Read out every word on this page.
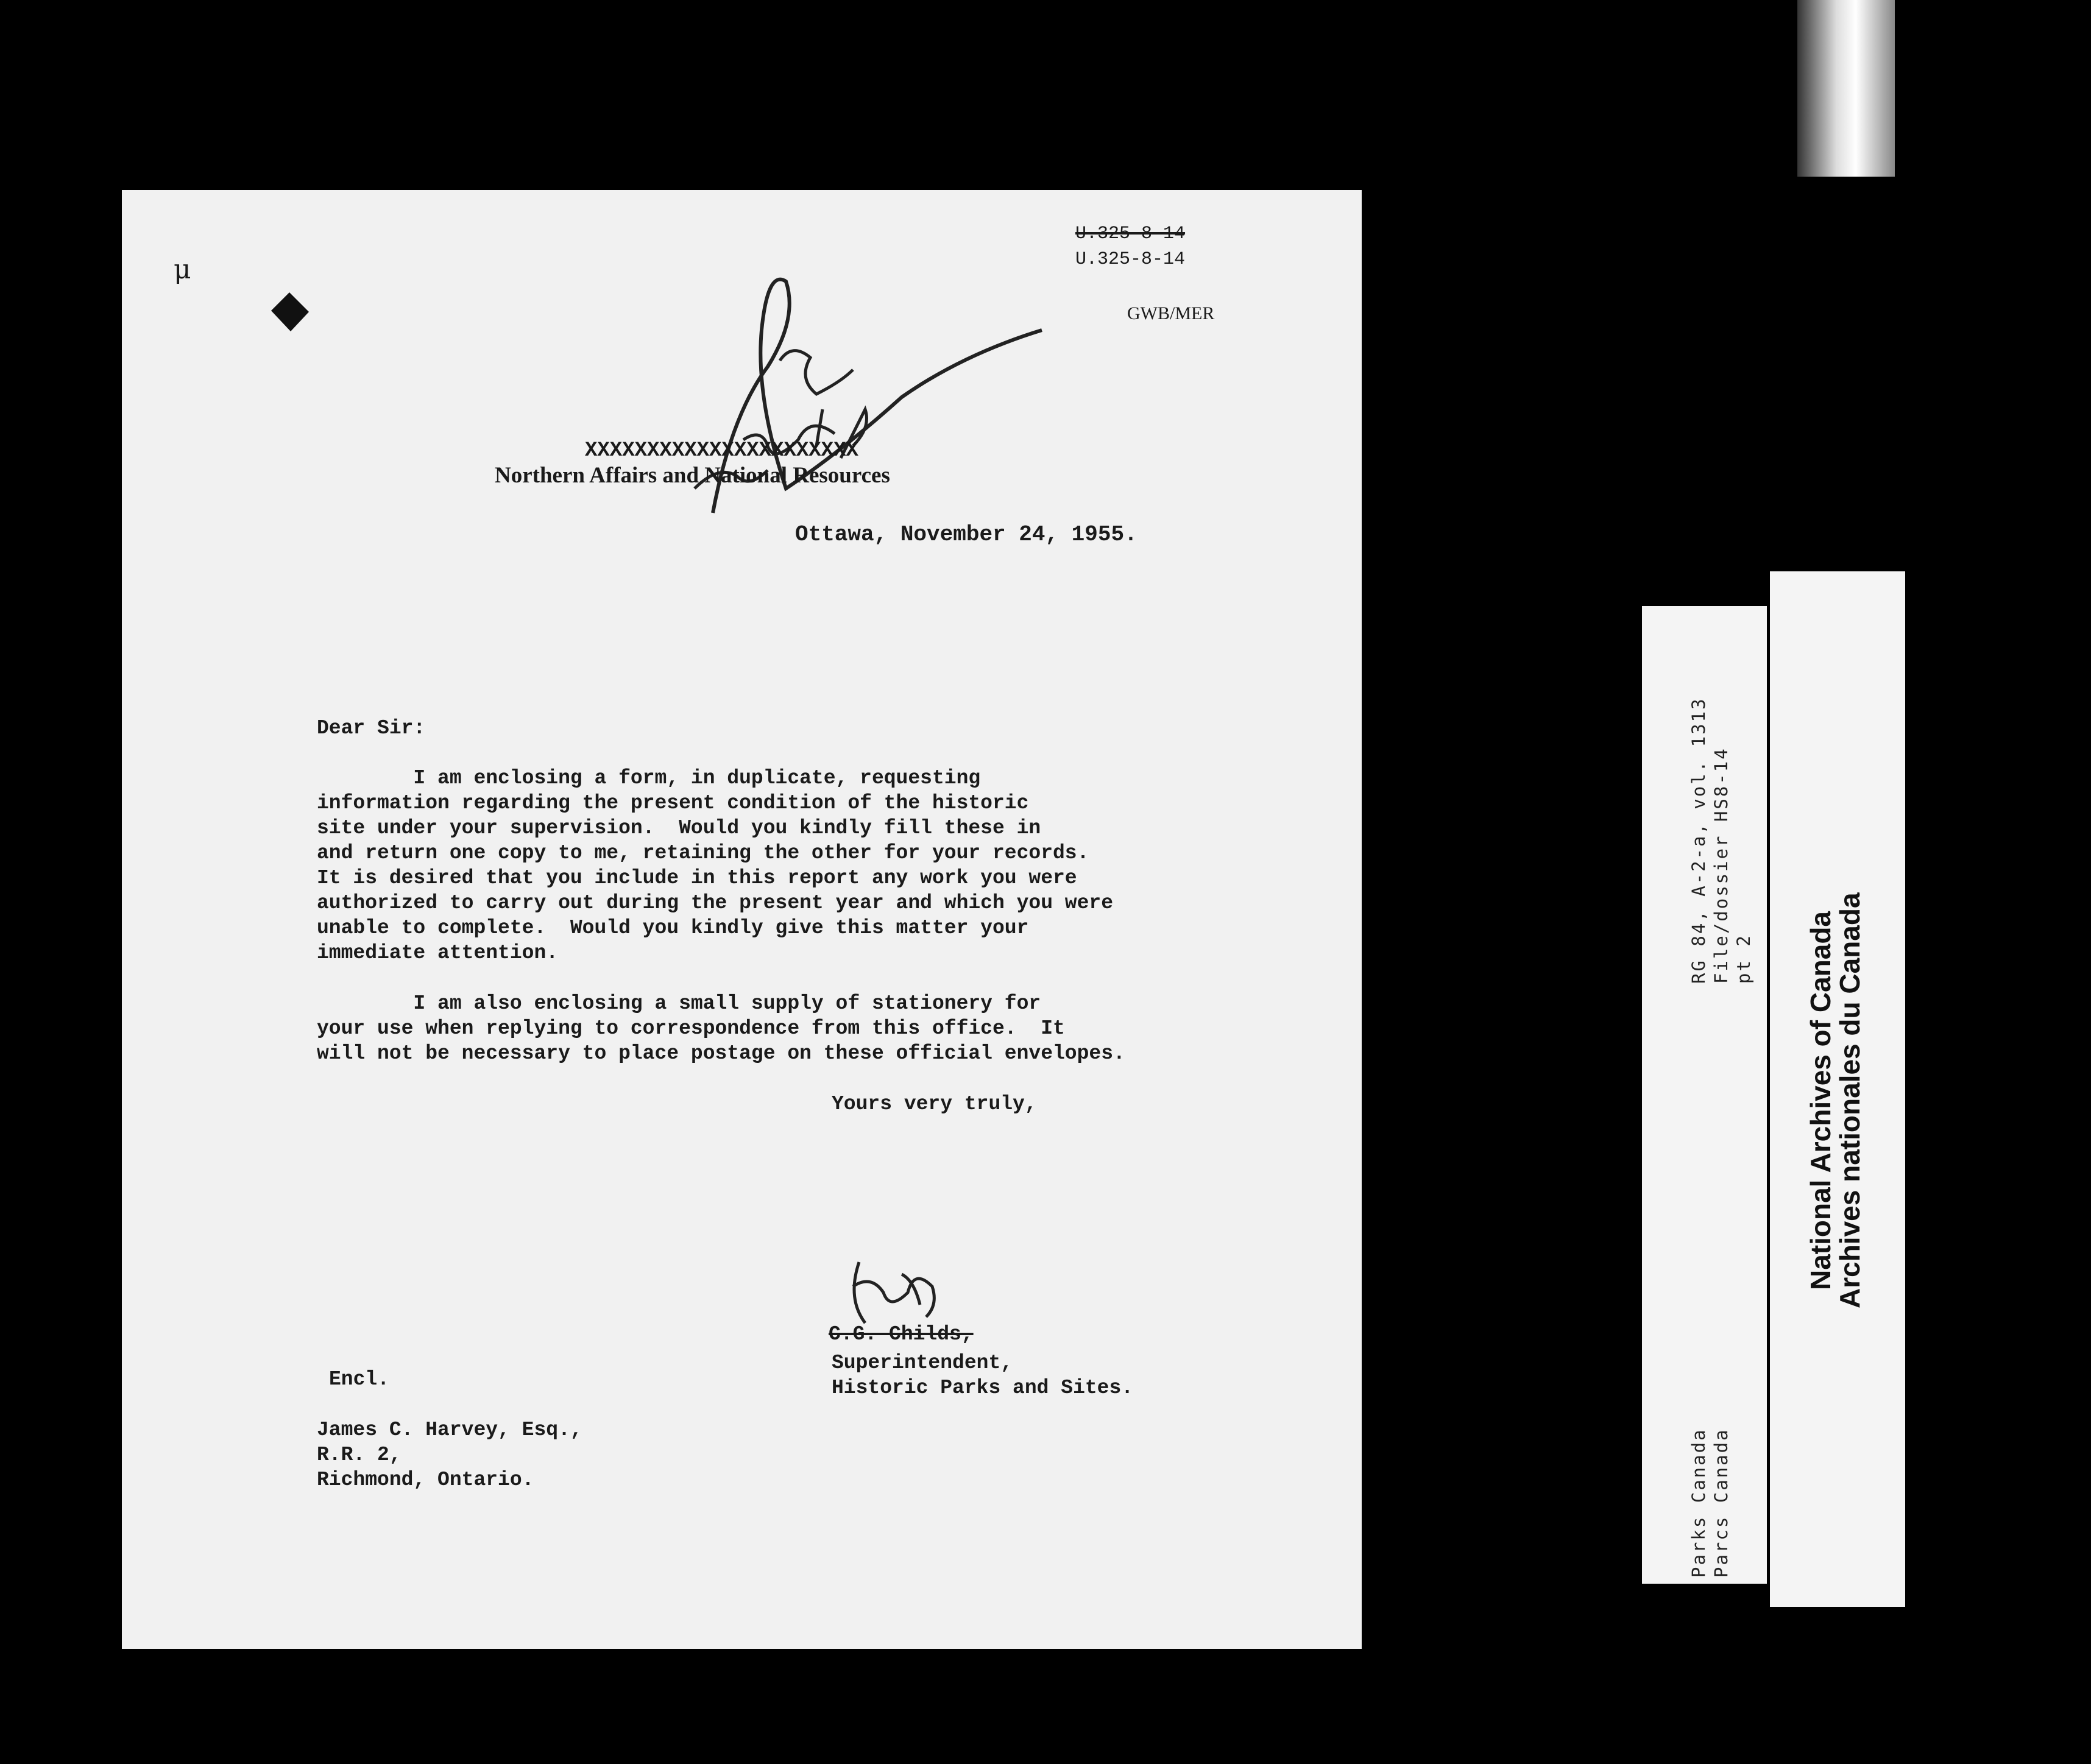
U.325-8-14
U.325-8-14
GWB/MER
μ
XXXXXXXXXXXXXXXXXXXXXX
Northern Affairs and National Resources
Ottawa, November 24, 1955.
Dear Sir:
I am enclosing a form, in duplicate, requesting
information regarding the present condition of the historic
site under your supervision.  Would you kindly fill these in
and return one copy to me, retaining the other for your records.
It is desired that you include in this report any work you were
authorized to carry out during the present year and which you were
unable to complete.  Would you kindly give this matter your
immediate attention.
I am also enclosing a small supply of stationery for
your use when replying to correspondence from this office.  It
will not be necessary to place postage on these official envelopes.
Yours very truly,
C.G. Childs,
Superintendent,
Historic Parks and Sites.
Encl.
James C. Harvey, Esq.,
R.R. 2,
Richmond, Ontario.
RG 84, A-2-a, vol. 1313 File/dossier HS8-14 pt 2
Parks Canada Parcs Canada
National Archives of Canada
Archives nationales du Canada
